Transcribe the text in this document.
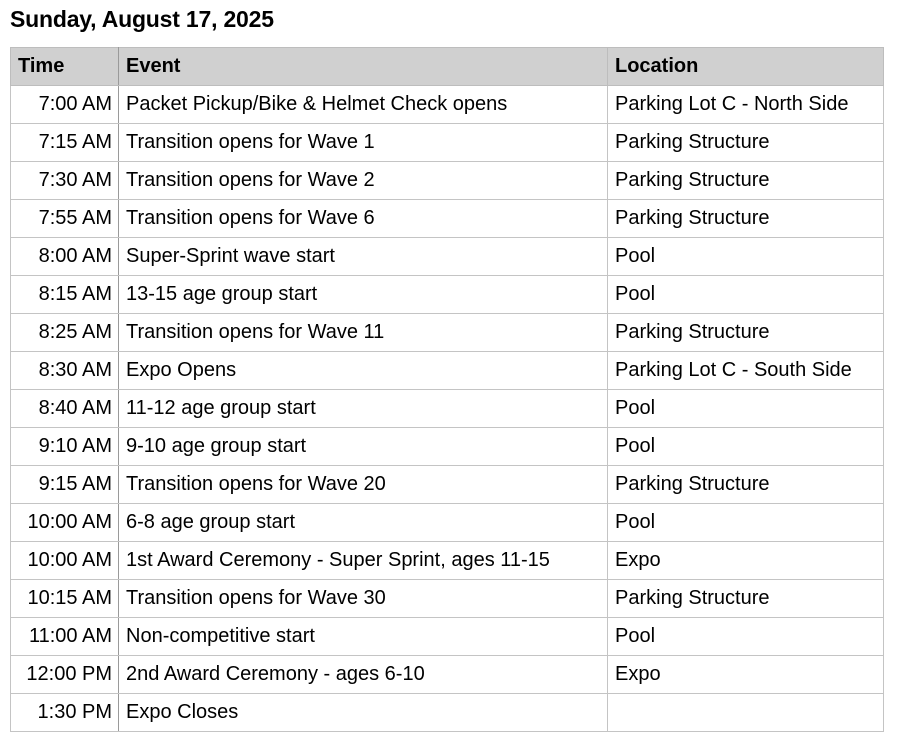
Sunday, August 17, 2025
Time	Event	Location
7:00 AM	Packet Pickup/Bike & Helmet Check opens	Parking Lot C - North Side
7:15 AM	Transition opens for Wave 1	Parking Structure
7:30 AM	Transition opens for Wave 2	Parking Structure
7:55 AM	Transition opens for Wave 6	Parking Structure
8:00 AM	Super-Sprint wave start	Pool
8:15 AM	13-15 age group start	Pool
8:25 AM	Transition opens for Wave 11	Parking Structure
8:30 AM	Expo Opens	Parking Lot C - South Side
8:40 AM	11-12 age group start	Pool
9:10 AM	9-10 age group start	Pool
9:15 AM	Transition opens for Wave 20	Parking Structure
10:00 AM	6-8 age group start	Pool
10:00 AM	1st Award Ceremony - Super Sprint, ages 11-15	Expo
10:15 AM	Transition opens for Wave 30	Parking Structure
11:00 AM	Non-competitive start	Pool
12:00 PM	2nd Award Ceremony - ages 6-10	Expo
1:30 PM	Expo Closes	
